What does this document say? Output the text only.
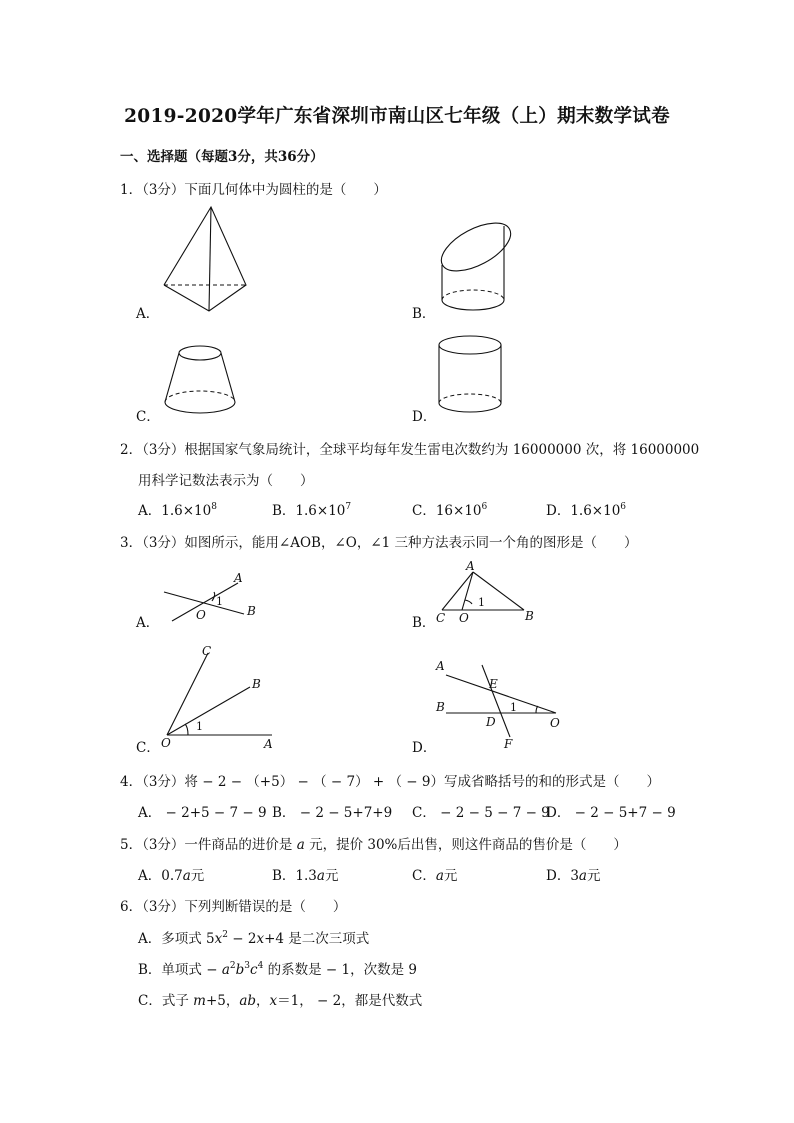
2019-2020学年广东省深圳市南山区七年级（上）期末数学试卷
一、选择题（每题3分，共36分）
1．（3分）下面几何体中为圆柱的是（　　）
A．	B．
C．	D．
2．（3分）根据国家气象局统计，全球平均每年发生雷电次数约为 16000000 次，将 16000000
用科学记数法表示为（　　）
A．$1.6\times 10^8$	B．$1.6\times 10^7$	C．$16\times 10^6$	D．$1.6\times 10^6$
3．（3分）如图所示，能用∠AOB，∠O，∠1 三种方法表示同一个角的图形是（　　）
A
B
O
1
A．
A
B
C O
1
B．
C
B
O	A
1
C．
A
B
E
D
F
O
1
D．
4．（3分）将 − 2 − （+5） − （ − 7） + （ − 9）写成省略括号的和的形式是（　　）
A． − 2+5 − 7 − 9 B． − 2 − 5+7+9 C． − 2 − 5 − 7 − 9
D． − 2 − 5+7 − 9
5．（3分）一件商品的进价是 a 元，提价 30%后出售，则这件商品的售价是（　　）
A．0.7a元	B．1.3a元	C．a元	D．3a元
6．（3分）下列判断错误的是（　　）
A．多项式 $5x^2 - 2x+4$ 是二次三项式
B．单项式 − $a^2b^3c^4$ 的系数是 − 1，次数是 9
C．式子 m+5，ab，x＝1， − 2，都是代数式
